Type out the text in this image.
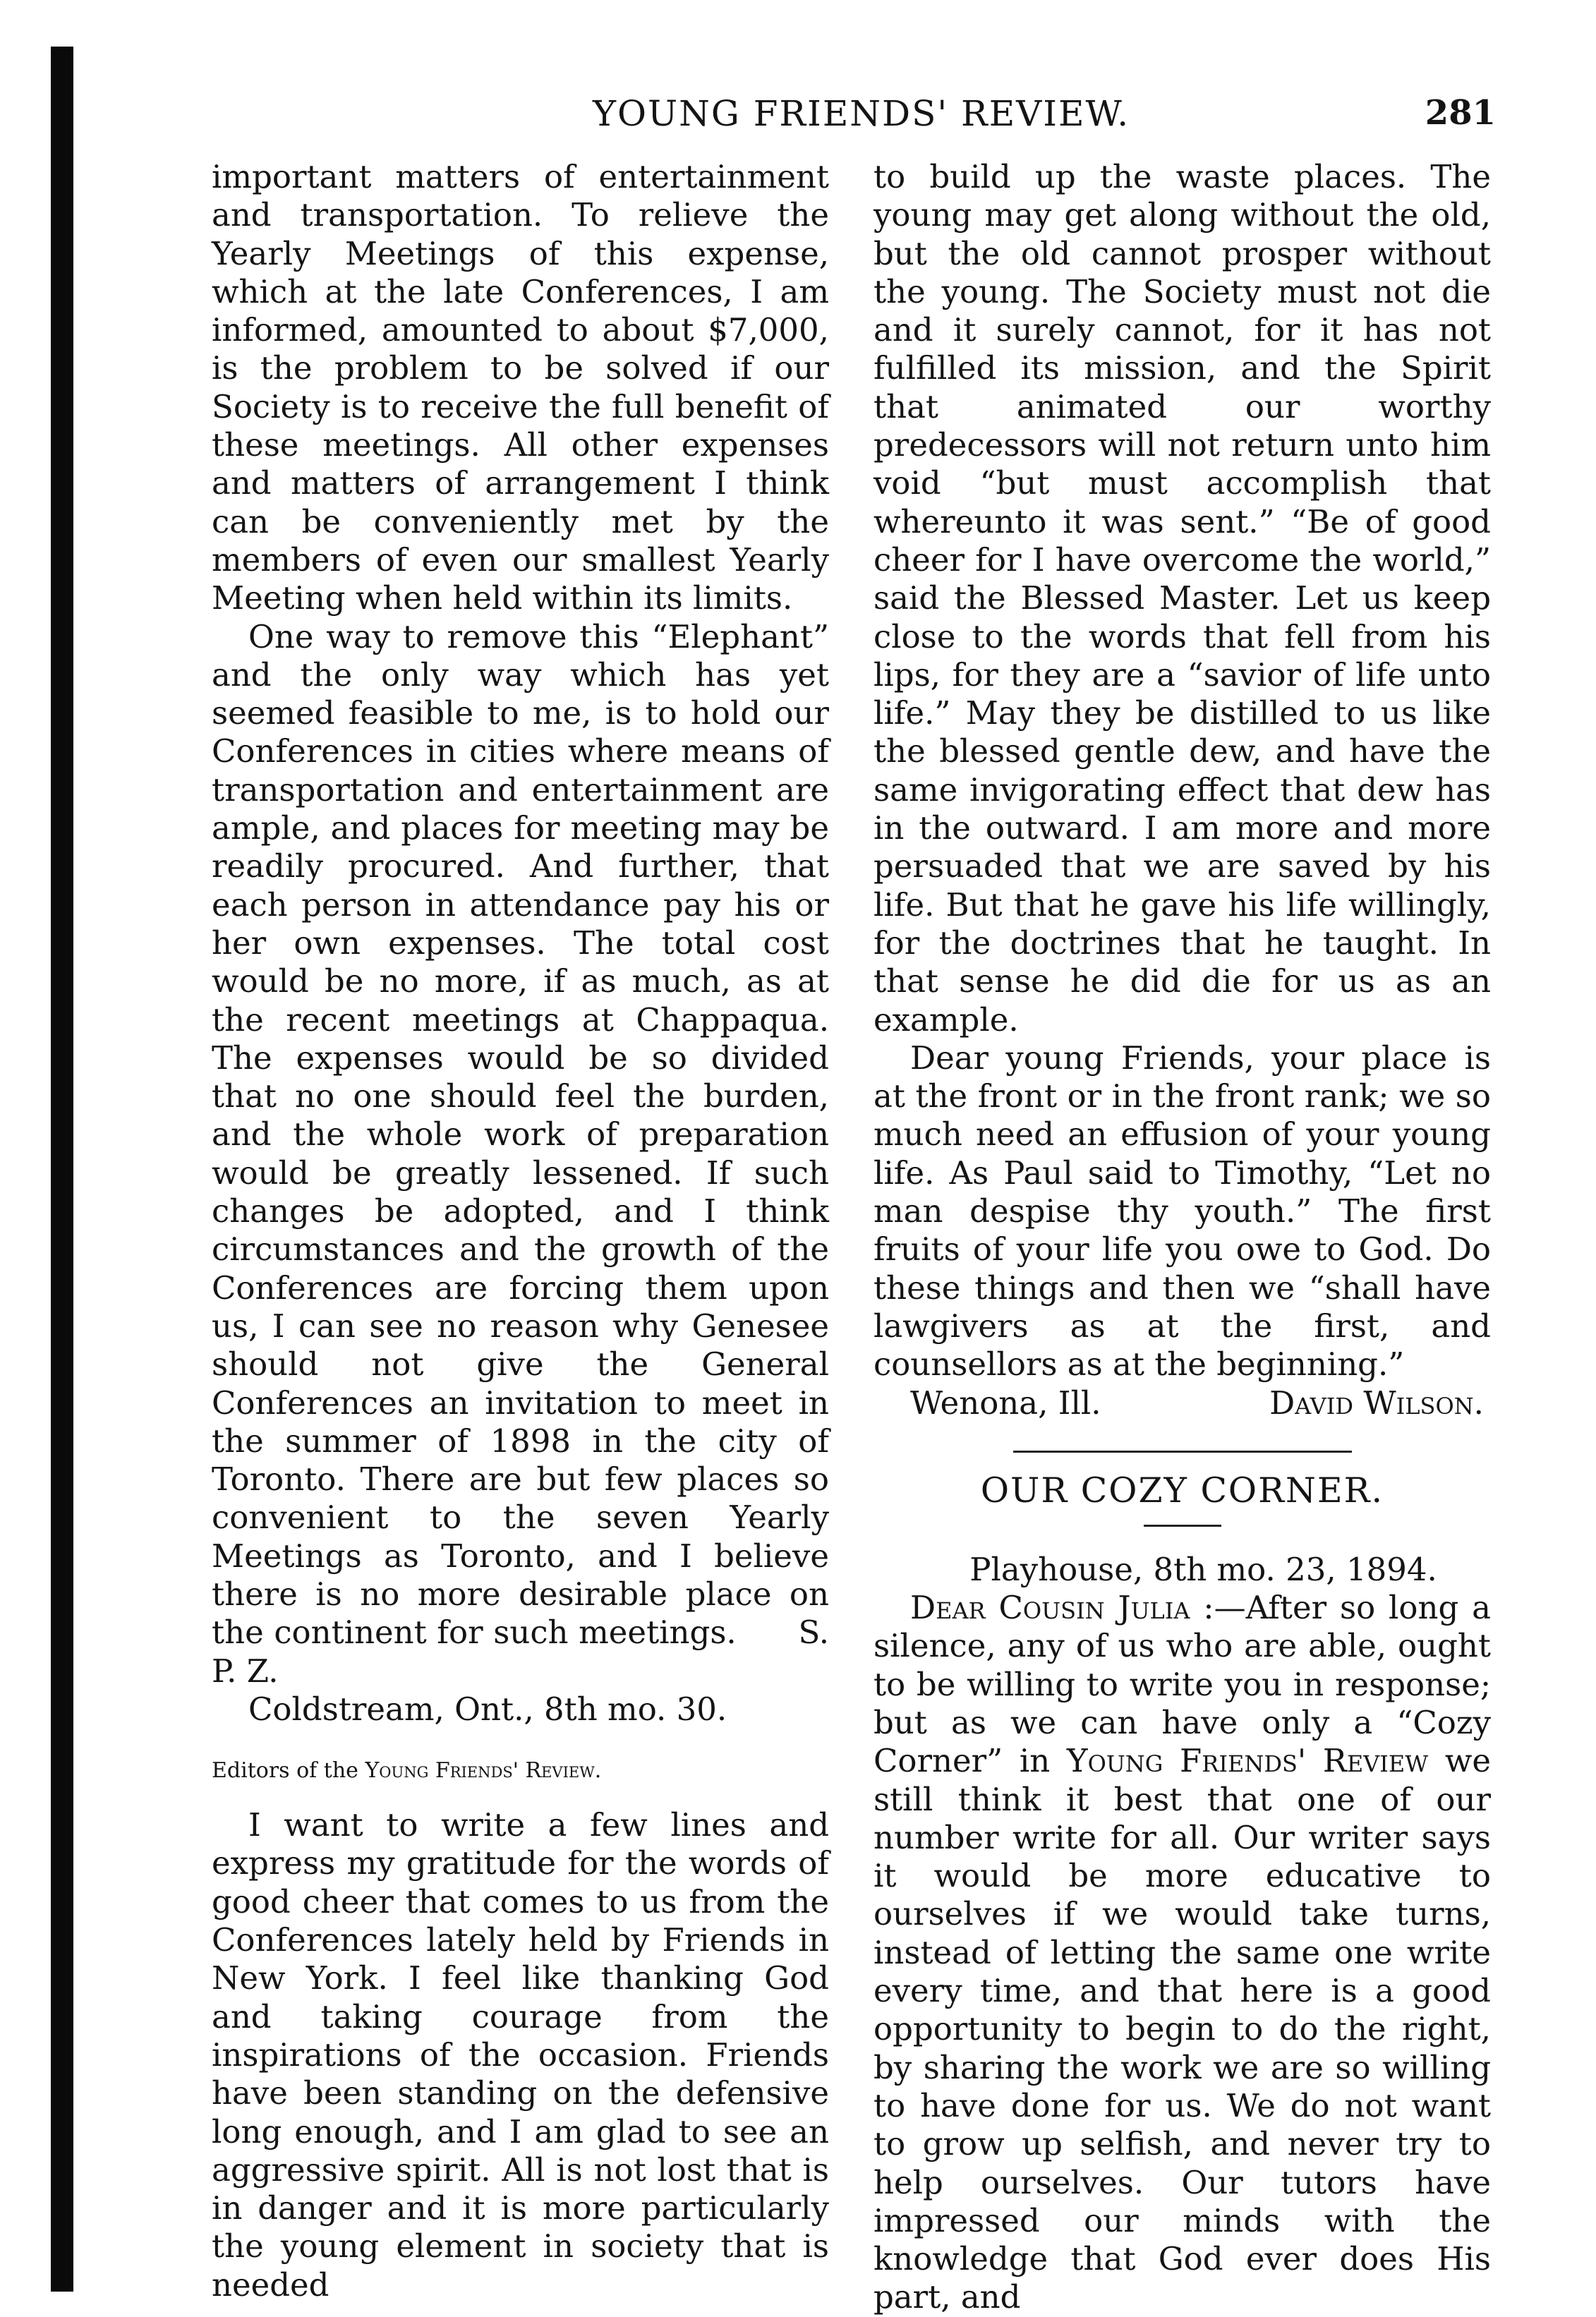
YOUNG FRIENDS' REVIEW.	281

important matters of entertainment and transportation. To relieve the Yearly Meetings of this expense, which at the late Conferences, I am informed, amounted to about $7,000, is the problem to be solved if our Society is to receive the full benefit of these meetings. All other expenses and matters of arrangement I think can be conveniently met by the members of even our smallest Yearly Meeting when held within its limits.

One way to remove this “Elephant” and the only way which has yet seemed feasible to me, is to hold our Conferences in cities where means of transportation and entertainment are ample, and places for meeting may be readily procured. And further, that each person in attendance pay his or her own expenses. The total cost would be no more, if as much, as at the recent meetings at Chappaqua. The expenses would be so divided that no one should feel the burden, and the whole work of preparation would be greatly lessened. If such changes be adopted, and I think circumstances and the growth of the Conferences are forcing them upon us, I can see no reason why Genesee should not give the General Conferences an invitation to meet in the summer of 1898 in the city of Toronto. There are but few places so convenient to the seven Yearly Meetings as Toronto, and I believe there is no more desirable place on the continent for such meetings. S. P. Z.

Coldstream, Ont., 8th mo. 30.

Editors of the Young Friends' Review.

I want to write a few lines and express my gratitude for the words of good cheer that comes to us from the Conferences lately held by Friends in New York. I feel like thanking God and taking courage from the inspirations of the occasion. Friends have been standing on the defensive long enough, and I am glad to see an aggressive spirit. All is not lost that is in danger and it is more particularly the young element in society that is needed

to build up the waste places. The young may get along without the old, but the old cannot prosper without the young. The Society must not die and it surely cannot, for it has not fulfilled its mission, and the Spirit that animated our worthy predecessors will not return unto him void “but must accomplish that whereunto it was sent.” “Be of good cheer for I have overcome the world,” said the Blessed Master. Let us keep close to the words that fell from his lips, for they are a “savior of life unto life.” May they be distilled to us like the blessed gentle dew, and have the same invigorating effect that dew has in the outward. I am more and more persuaded that we are saved by his life. But that he gave his life willingly, for the doctrines that he taught. In that sense he did die for us as an example.

Dear young Friends, your place is at the front or in the front rank; we so much need an effusion of your young life. As Paul said to Timothy, “Let no man despise thy youth.” The first fruits of your life you owe to God. Do these things and then we “shall have lawgivers as at the first, and counsellors as at the beginning.”

Wenona, Ill.	David Wilson.
OUR COZY CORNER.

Playhouse, 8th mo. 23, 1894.

Dear Cousin Julia :—After so long a silence, any of us who are able, ought to be willing to write you in response; but as we can have only a “Cozy Corner” in Young Friends' Review we still think it best that one of our number write for all. Our writer says it would be more educative to ourselves if we would take turns, instead of letting the same one write every time, and that here is a good opportunity to begin to do the right, by sharing the work we are so willing to have done for us. We do not want to grow up selfish, and never try to help ourselves. Our tutors have impressed our minds with the knowledge that God ever does His part, and
